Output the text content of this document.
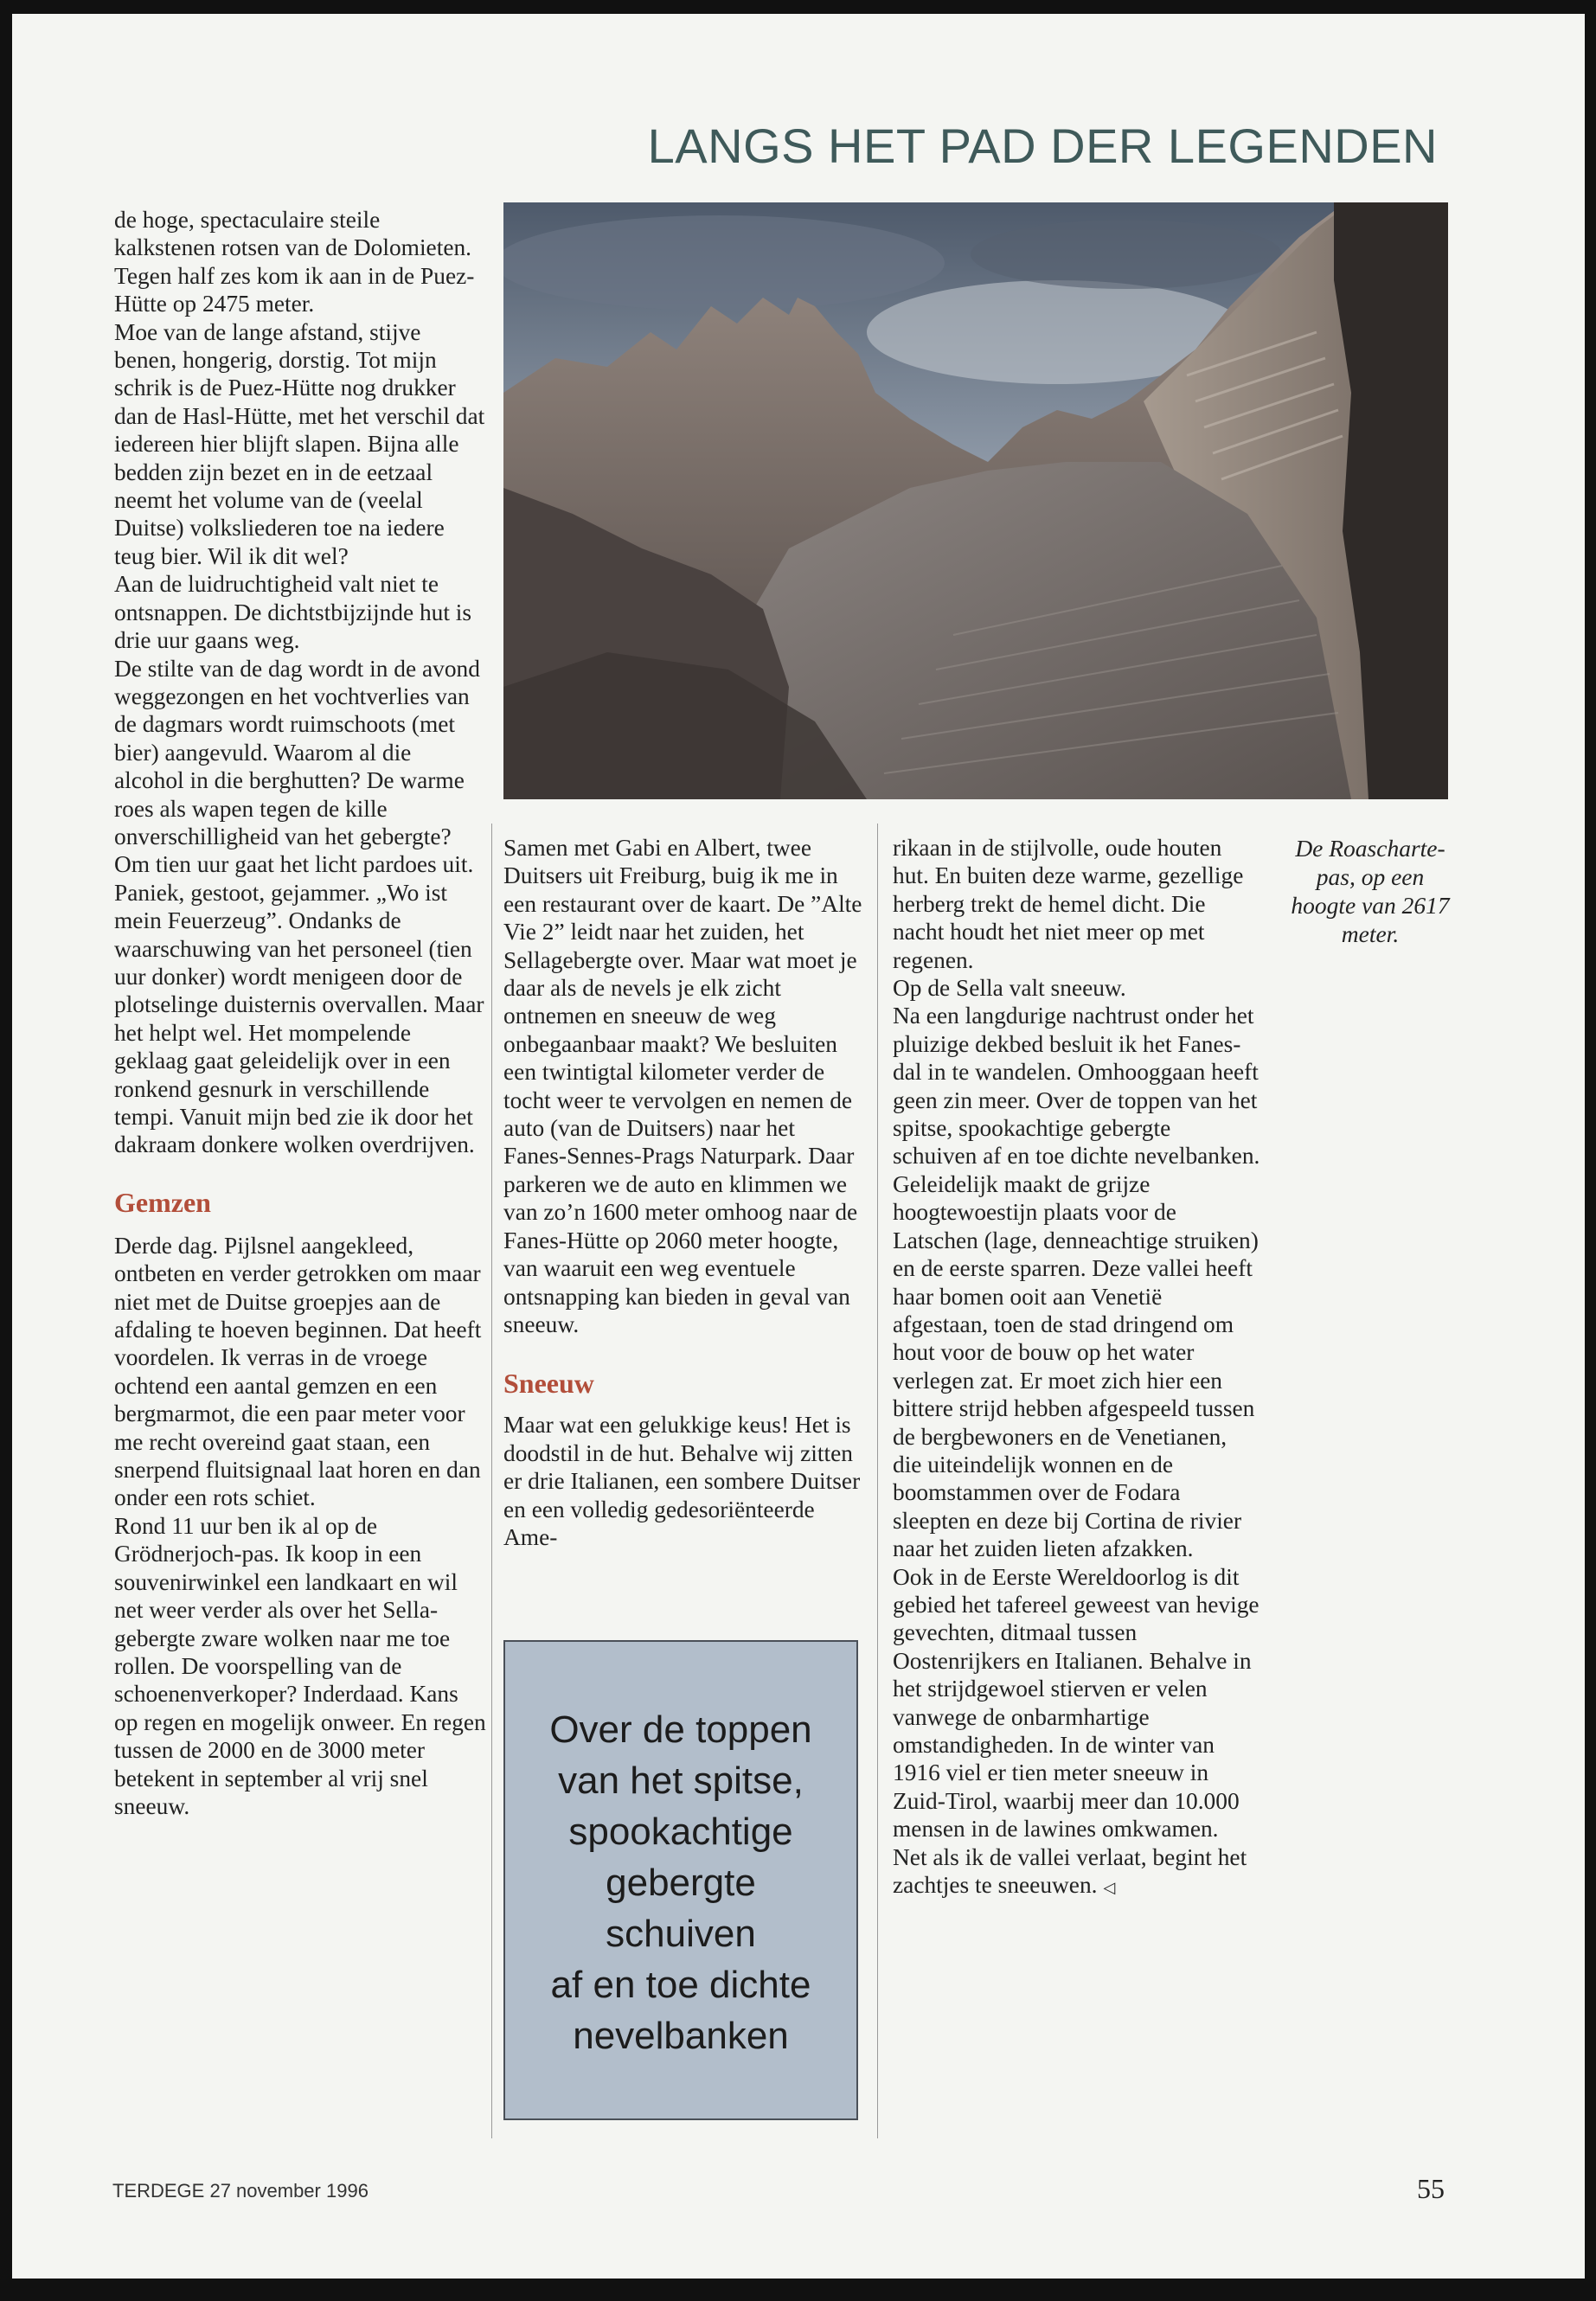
LANGS HET PAD DER LEGENDEN

de hoge, spectaculaire steile kalkstenen rotsen van de Dolomieten.

Tegen half zes kom ik aan in de Puez-Hütte op 2475 meter.

Moe van de lange afstand, stijve benen, hongerig, dorstig. Tot mijn schrik is de Puez-Hütte nog drukker dan de Hasl-Hütte, met het verschil dat iedereen hier blijft slapen. Bijna alle bedden zijn bezet en in de eetzaal neemt het volume van de (veelal Duitse) volksliederen toe na iedere teug bier. Wil ik dit wel?

Aan de luidruchtigheid valt niet te ontsnappen. De dichtstbijzijnde hut is drie uur gaans weg.

De stilte van de dag wordt in de avond weggezongen en het vochtverlies van de dagmars wordt ruimschoots (met bier) aangevuld. Waarom al die alcohol in die berghutten? De warme roes als wapen tegen de kille onverschilligheid van het gebergte?

Om tien uur gaat het licht pardoes uit. Paniek, gestoot, gejammer. „Wo ist mein Feuerzeug”. Ondanks de waarschuwing van het personeel (tien uur donker) wordt menigeen door de plotselinge duisternis overvallen. Maar het helpt wel. Het mompelende geklaag gaat geleidelijk over in een ronkend gesnurk in verschillende tempi. Vanuit mijn bed zie ik door het dakraam donkere wolken overdrijven.

Gemzen

Derde dag. Pijlsnel aangekleed, ontbeten en verder getrokken om maar niet met de Duitse groepjes aan de afdaling te hoeven beginnen. Dat heeft voordelen. Ik verras in de vroege ochtend een aantal gemzen en een bergmarmot, die een paar meter voor me recht overeind gaat staan, een snerpend fluitsignaal laat horen en dan onder een rots schiet.

Rond 11 uur ben ik al op de Grödnerjoch-pas. Ik koop in een souvenirwinkel een landkaart en wil net weer verder als over het Sella-gebergte zware wolken naar me toe rollen. De voorspelling van de schoenenverkoper? Inderdaad. Kans op regen en mogelijk onweer. En regen tussen de 2000 en de 3000 meter betekent in september al vrij snel sneeuw.

Samen met Gabi en Albert, twee Duitsers uit Freiburg, buig ik me in een restaurant over de kaart. De ”Alte Vie 2” leidt naar het zuiden, het Sellagebergte over. Maar wat moet je daar als de nevels je elk zicht ontnemen en sneeuw de weg onbegaanbaar maakt? We besluiten een twintigtal kilometer verder de tocht weer te vervolgen en nemen de auto (van de Duitsers) naar het Fanes-Sennes-Prags Naturpark. Daar parkeren we de auto en klimmen we van zo’n 1600 meter omhoog naar de Fanes-Hütte op 2060 meter hoogte, van waaruit een weg eventuele ontsnapping kan bieden in geval van sneeuw.

Sneeuw

Maar wat een gelukkige keus! Het is doodstil in de hut. Behalve wij zitten er drie Italianen, een sombere Duitser en een volledig gedesoriënteerde Ame-

Over de toppen
van het spitse,
spookachtige
gebergte
schuiven
af en toe dichte
nevelbanken

rikaan in de stijlvolle, oude houten hut. En buiten deze warme, gezellige herberg trekt de hemel dicht. Die nacht houdt het niet meer op met regenen.

Op de Sella valt sneeuw.

Na een langdurige nachtrust onder het pluizige dekbed besluit ik het Fanes-dal in te wandelen. Omhooggaan heeft geen zin meer. Over de toppen van het spitse, spookachtige gebergte schuiven af en toe dichte nevelbanken. Geleidelijk maakt de grijze hoogtewoestijn plaats voor de Latschen (lage, denneachtige struiken) en de eerste sparren. Deze vallei heeft haar bomen ooit aan Venetië afgestaan, toen de stad dringend om hout voor de bouw op het water verlegen zat. Er moet zich hier een bittere strijd hebben afgespeeld tussen de bergbewoners en de Venetianen, die uiteindelijk wonnen en de boomstammen over de Fodara sleepten en deze bij Cortina de rivier naar het zuiden lieten afzakken.

Ook in de Eerste Wereldoorlog is dit gebied het tafereel geweest van hevige gevechten, ditmaal tussen Oostenrijkers en Italianen. Behalve in het strijdgewoel stierven er velen vanwege de onbarmhartige omstandigheden. In de winter van 1916 viel er tien meter sneeuw in Zuid-Tirol, waarbij meer dan 10.000 mensen in de lawines omkwamen.

Net als ik de vallei verlaat, begint het zachtjes te sneeuwen. ◁

De Roaschartepas, op een hoogte van 2617 meter.
TERDEGE 27 november 1996	55
